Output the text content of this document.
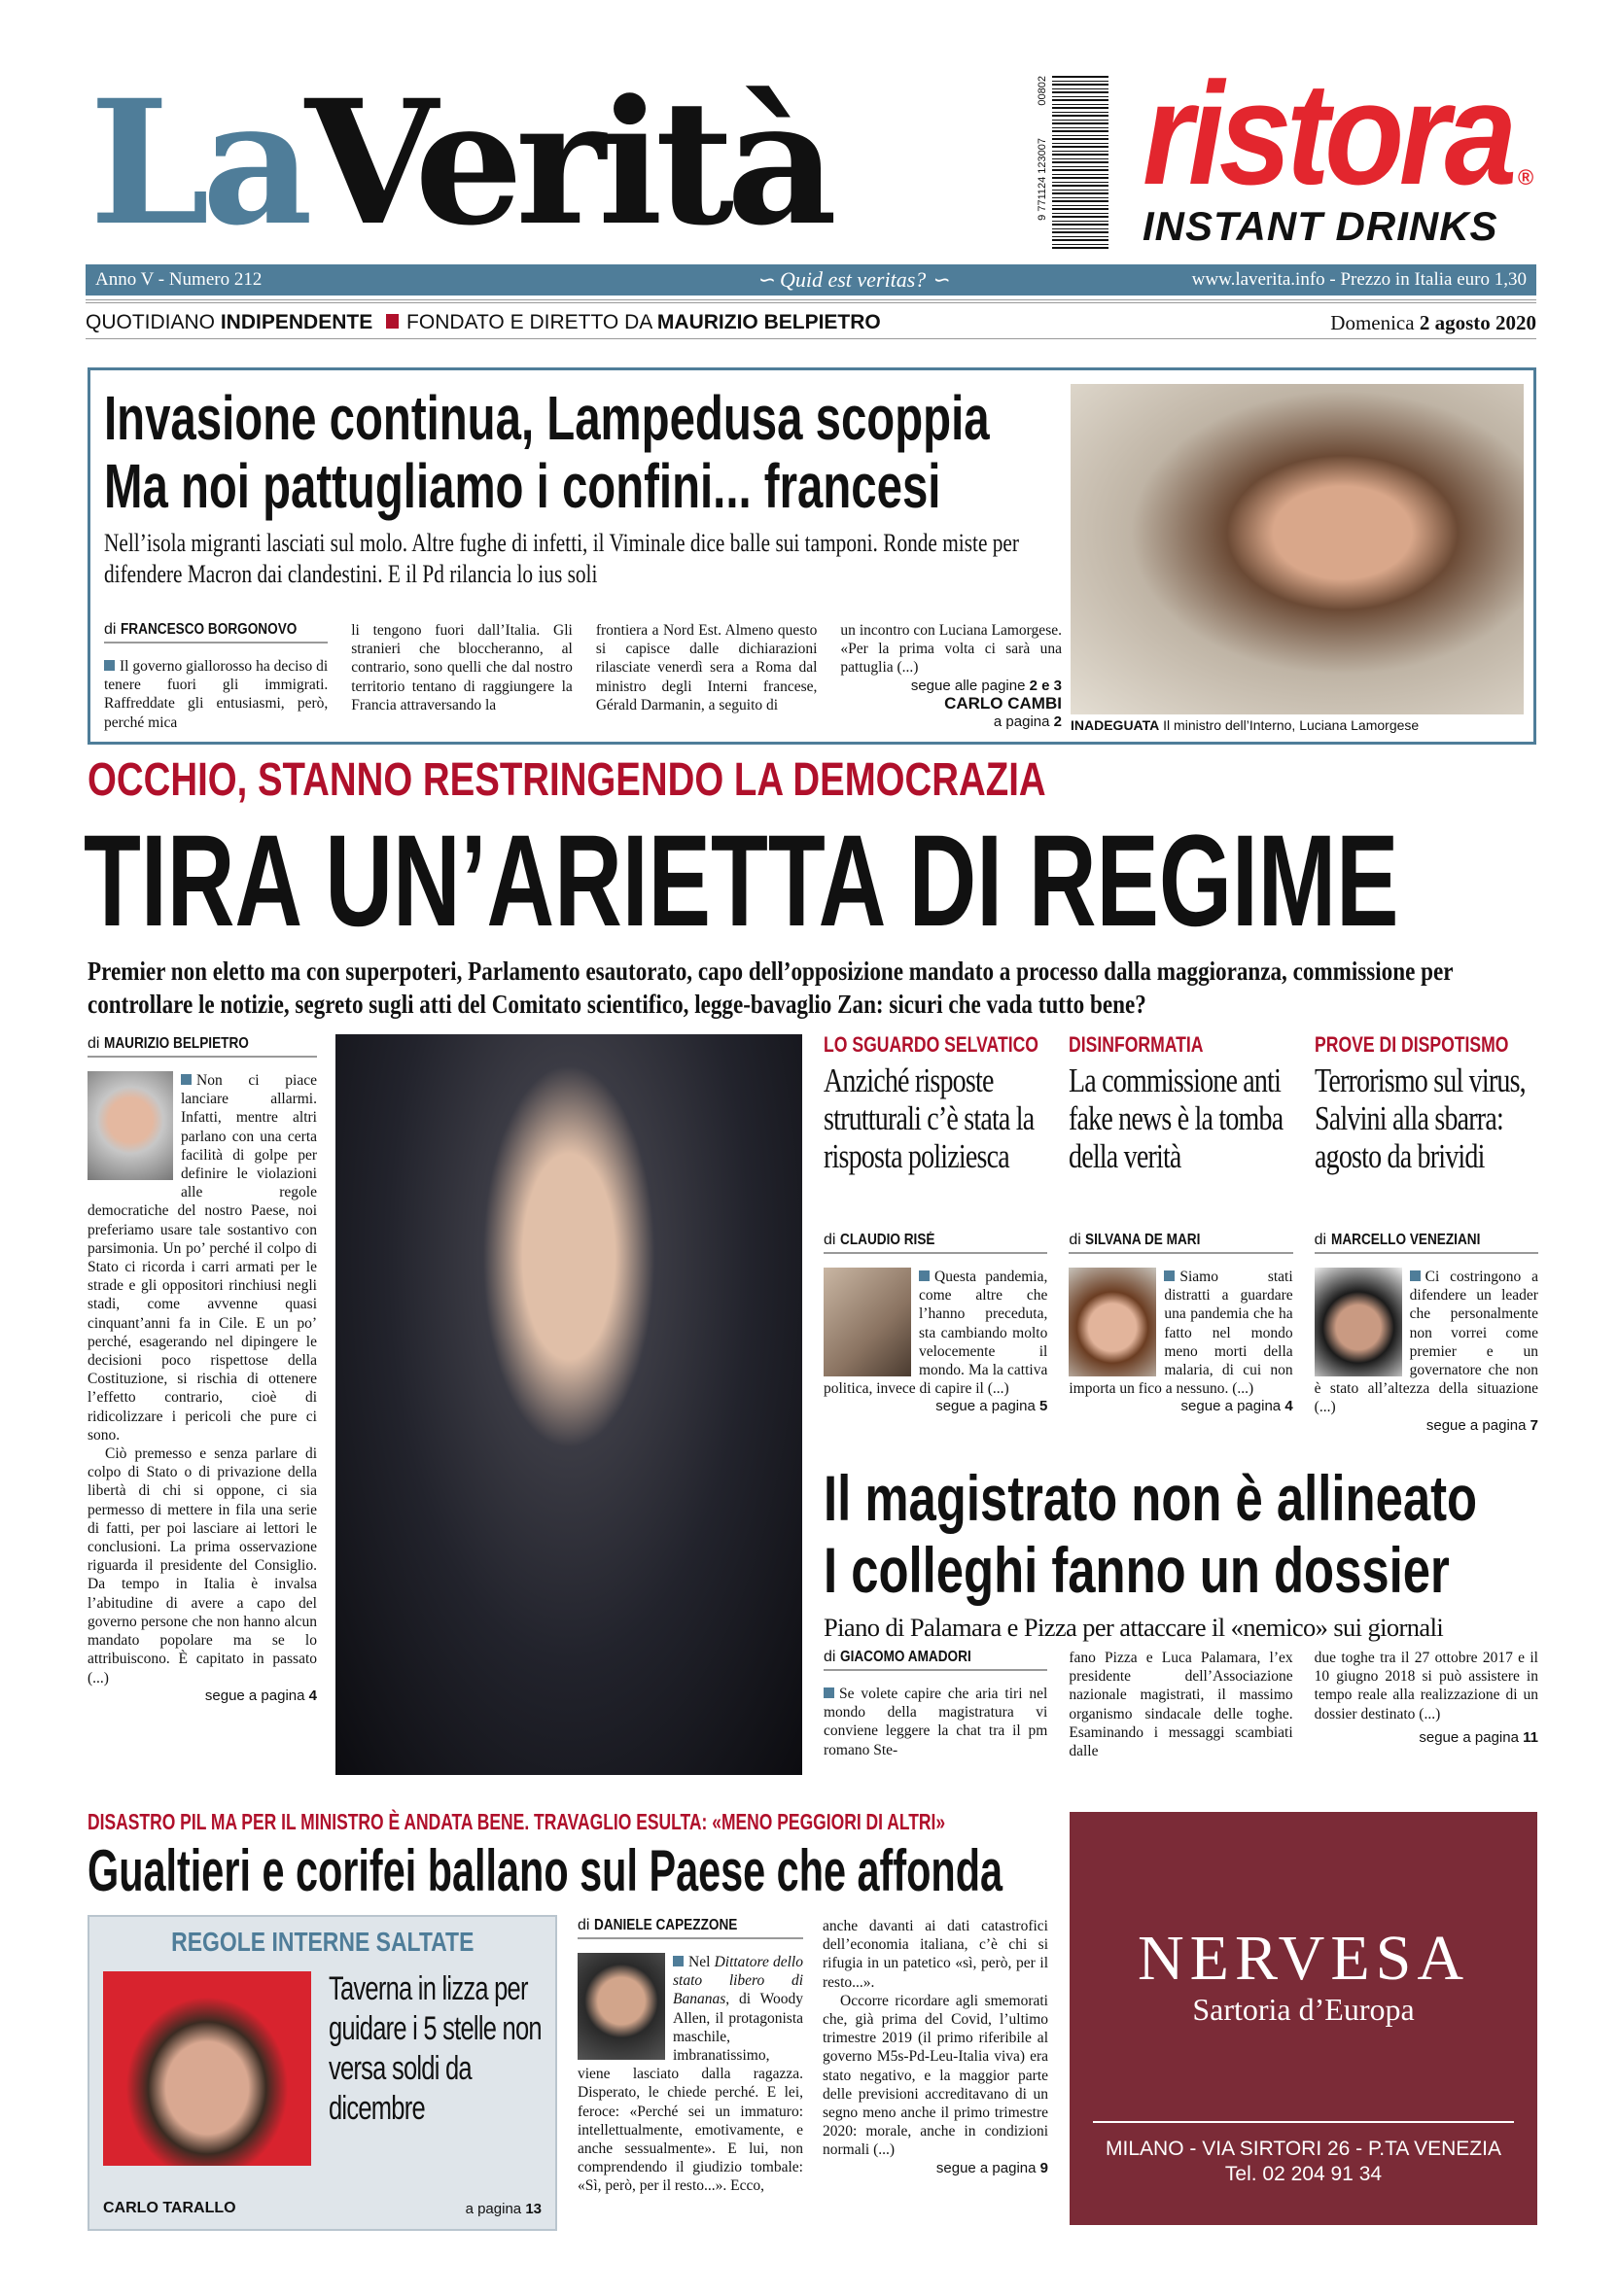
LaVerità	00802
9 771124 123007 ristora ®
INSTANT DRINKS
Anno V - Numero 212	∽ Quid est veritas? ∽	www.laverita.info - Prezzo in Italia euro 1,30
QUOTIDIANO INDIPENDENTE FONDATO E DIRETTO DA MAURIZIO BELPIETRO	Domenica 2 agosto 2020
Invasione continua, Lampedusa scoppia
Ma noi pattugliamo i confini... francesi
Nell’isola migranti lasciati sul molo. Altre fughe di infetti, il Viminale dice balle sui tamponi. Ronde miste per difendere Macron dai clandestini. E il Pd rilancia lo ius soli
di FRANCESCO BORGONOVO
Il governo giallorosso ha deciso di tenere fuori gli immigrati. Raffreddate gli entusiasmi, però, perché mica
li tengono fuori dall’Italia. Gli stranieri che bloccheranno, al contrario, sono quelli che dal nostro territorio tentano di raggiungere la Francia attraversando la
frontiera a Nord Est. Almeno questo si capisce dalle dichiarazioni rilasciate venerdì sera a Roma dal ministro degli Interni francese, Gérald Darmanin, a seguito di
un incontro con Luciana Lamorgese. «Per la prima volta ci sarà una pattuglia (...)
segue alle pagine 2 e 3
CARLO CAMBI
a pagina 2 INADEGUATA Il ministro dell’Interno, Luciana Lamorgese
OCCHIO, STANNO RESTRINGENDO LA DEMOCRAZIA
TIRA UN’ARIETTA DI REGIME
Premier non eletto ma con superpoteri, Parlamento esautorato, capo dell’opposizione mandato a processo dalla maggioranza, commissione per controllare le notizie, segreto sugli atti del Comitato scientifico, legge-bavaglio Zan: sicuri che vada tutto bene?
di MAURIZIO BELPIETRO
Non ci piace lanciare allarmi. Infatti, mentre altri parlano con una certa facilità di golpe per definire le violazioni alle regole democratiche del nostro Paese, noi preferiamo usare tale sostantivo con parsimonia. Un po’ perché il colpo di Stato ci ricorda i carri armati per le strade e gli oppositori rinchiusi negli stadi, come avvenne quasi cinquant’anni fa in Cile. E un po’ perché, esagerando nel dipingere le decisioni poco rispettose della Costituzione, si rischia di ottenere l’effetto contrario, cioè di ridicolizzare i pericoli che pure ci sono.
Ciò premesso e senza parlare di colpo di Stato o di privazione della libertà di chi si oppone, ci sia permesso di mettere in fila una serie di fatti, per poi lasciare ai lettori le conclusioni. La prima osservazione riguarda il presidente del Consiglio. Da tempo in Italia è invalsa l’abitudine di avere a capo del governo persone che non hanno alcun mandato popolare ma se lo attribuiscono. È capitato in passato (...)
segue a pagina 4
LO SGUARDO SELVATICO
Anziché risposte strutturali c’è stata la risposta poliziesca
di CLAUDIO RISÉ
Questa pandemia, come altre che l’hanno preceduta, sta cambiando molto velocemente il mondo. Ma la cattiva politica, invece di capire il (...)
segue a pagina 5
DISINFORMATIA
La commissione anti fake news è la tomba della verità
di SILVANA DE MARI
Siamo stati distratti a guardare una pandemia che ha fatto nel mondo meno morti della malaria, di cui non importa un fico a nessuno. (...)
segue a pagina 4
PROVE DI DISPOTISMO
Terrorismo sul virus, Salvini alla sbarra: agosto da brividi
di MARCELLO VENEZIANI
Ci costringono a difendere un leader che personalmente non vorrei come premier e un governatore che non è stato all’altezza della situazione (...)
segue a pagina 7
Il magistrato non è allineato
I colleghi fanno un dossier
Piano di Palamara e Pizza per attaccare il «nemico» sui giornali
di GIACOMO AMADORI
Se volete capire che aria tiri nel mondo della magistratura vi conviene leggere la chat tra il pm romano Ste-
fano Pizza e Luca Palamara, l’ex presidente dell’Associazione nazionale magistrati, il massimo organismo sindacale delle toghe. Esaminando i messaggi scambiati dalle
due toghe tra il 27 ottobre 2017 e il 10 giugno 2018 si può assistere in tempo reale alla realizzazione di un dossier destinato (...)
segue a pagina 11
DISASTRO PIL MA PER IL MINISTRO È ANDATA BENE. TRAVAGLIO ESULTA: «MENO PEGGIORI DI ALTRI»
Gualtieri e corifei ballano sul Paese che affonda
REGOLE INTERNE SALTATE
Taverna in lizza per guidare i 5 stelle non versa soldi da dicembre
CARLO TARALLO	a pagina 13
di DANIELE CAPEZZONE
Nel Dittatore dello stato libero di Bananas, di Woody Allen, il protagonista maschile, imbranatissimo, viene lasciato dalla ragazza. Disperato, le chiede perché. E lei, feroce: «Perché sei un immaturo: intellettualmente, emotivamente, e anche sessualmente». E lui, non comprendendo il giudizio tombale: «Sì, però, per il resto...». Ecco,
anche davanti ai dati catastrofici dell’economia italiana, c’è chi si rifugia in un patetico «sì, però, per il resto...».
Occorre ricordare agli smemorati che, già prima del Covid, l’ultimo trimestre 2019 (il primo riferibile al governo M5s-Pd-Leu-Italia viva) era stato negativo, e la maggior parte delle previsioni accreditavano di un segno meno anche il primo trimestre 2020: morale, anche in condizioni normali (...)
segue a pagina 9
NERVESA
Sartoria d’Europa
MILANO - VIA SIRTORI 26 - P.TA VENEZIA
Tel. 02 204 91 34
